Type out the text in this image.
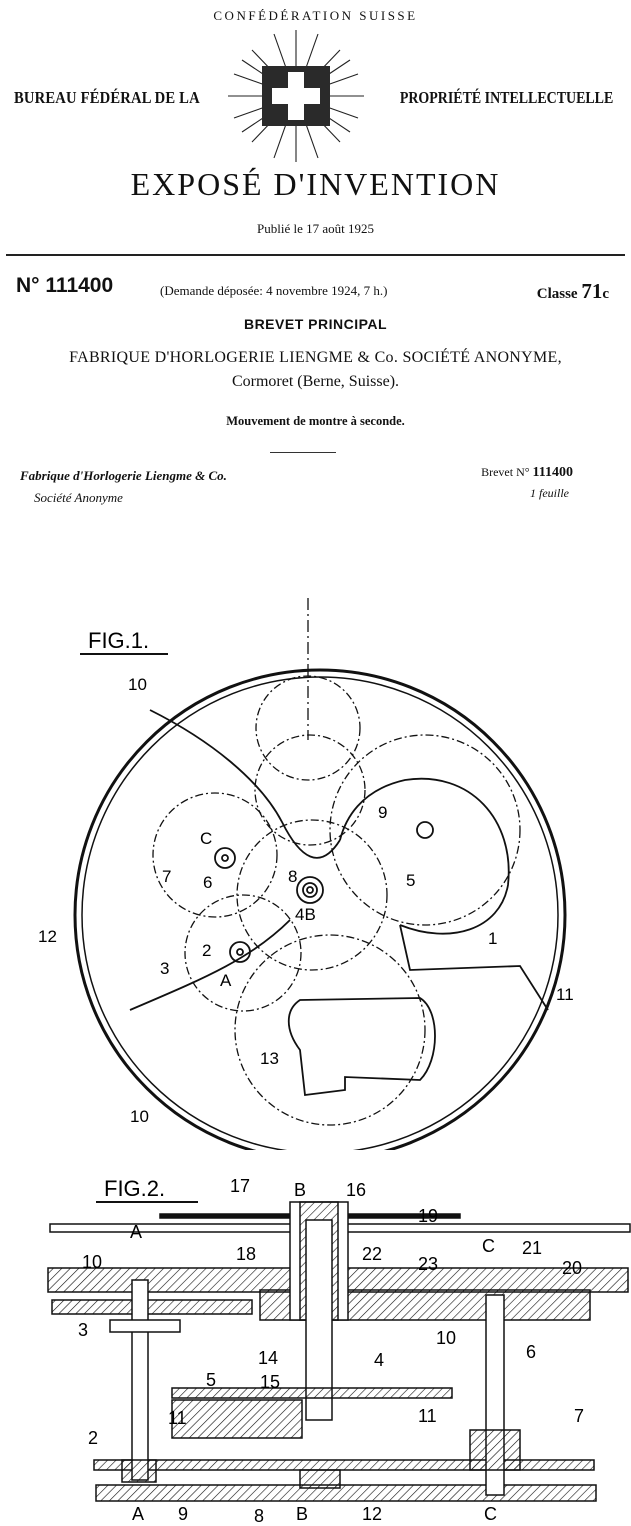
CONFÉDÉRATION SUISSE
BUREAU FÉDÉRAL DE LA	PROPRIÉTÉ INTELLECTUELLE
EXPOSÉ D'INVENTION
Publié le 17 août 1925
N° 111400	(Demande déposée: 4 novembre 1924, 7 h.)	Classe 71c
BREVET PRINCIPAL
FABRIQUE D'HORLOGERIE LIENGME & Co. SOCIÉTÉ ANONYME,
Cormoret (Berne, Suisse).
Mouvement de montre à seconde.
Fabrique d'Horlogerie Liengme & Co.
Société Anonyme
Brevet N° 111400
1 feuille
FIG.1.
10
12
C
7 6	8
9
5
4B
2
3
A
1
11
13
10
FIG.2.	17 B 16
19
A
10	18	22 23
C 21
20
3
14
10
5 15
4	6
11	11	7
2
A 9	8 B	12	C
